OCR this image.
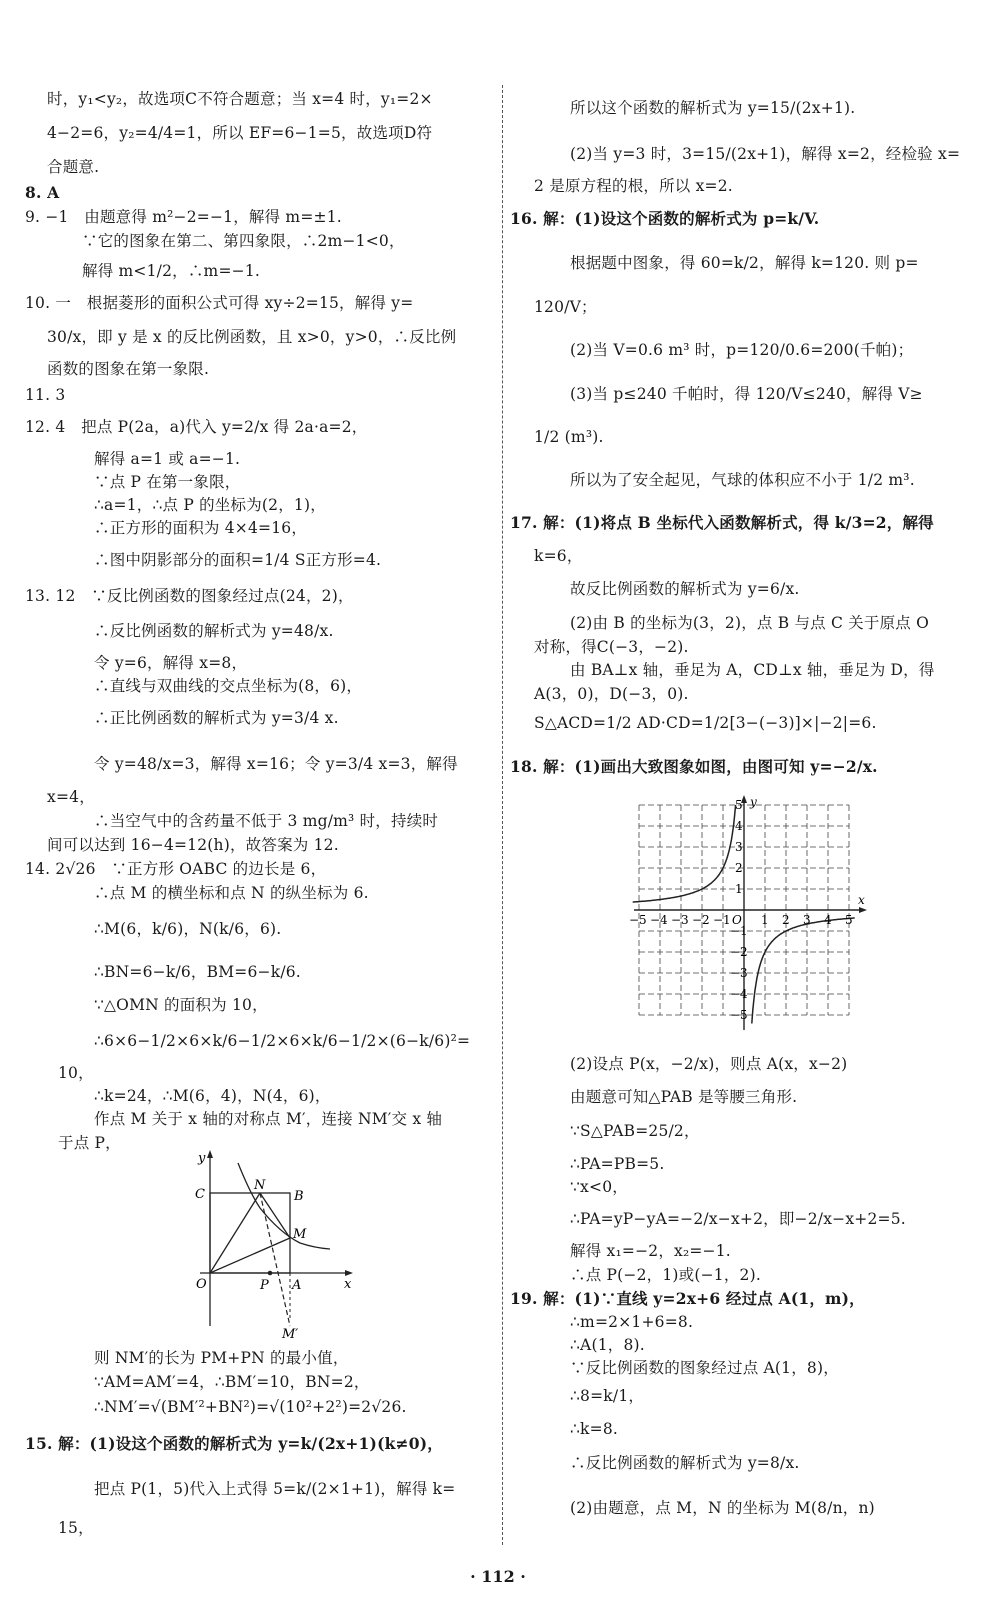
时，y₁<y₂，故选项C不符合题意；当 x=4 时，y₁=2×
4−2=6，y₂=4/4=1，所以 EF=6−1=5，故选项D符
合题意.
8. A
9. −1　由题意得 m²−2=−1，解得 m=±1.
∵它的图象在第二、第四象限，∴2m−1<0，
解得 m<1/2，∴m=−1.
10. 一　根据菱形的面积公式可得 xy÷2=15，解得 y=
30/x，即 y 是 x 的反比例函数，且 x>0，y>0，∴反比例
函数的图象在第一象限.
11. 3
12. 4　把点 P(2a，a)代入 y=2/x 得 2a·a=2，
解得 a=1 或 a=−1.
∵点 P 在第一象限，
∴a=1，∴点 P 的坐标为(2，1)，
∴正方形的面积为 4×4=16，
∴图中阴影部分的面积=1/4 S正方形=4.
13. 12　∵反比例函数的图象经过点(24，2)，
∴反比例函数的解析式为 y=48/x.
令 y=6，解得 x=8，
∴直线与双曲线的交点坐标为(8，6)，
∴正比例函数的解析式为 y=3/4 x.
令 y=48/x=3，解得 x=16；令 y=3/4 x=3，解得
x=4，
∴当空气中的含药量不低于 3 mg/m³ 时，持续时
间可以达到 16−4=12(h)，故答案为 12.
14. 2√26　∵正方形 OABC 的边长是 6，
∴点 M 的横坐标和点 N 的纵坐标为 6.
∴M(6，k/6)，N(k/6，6).
∴BN=6−k/6，BM=6−k/6.
∵△OMN 的面积为 10，
∴6×6−1/2×6×k/6−1/2×6×k/6−1/2×(6−k/6)²=
10，
∴k=24，∴M(6，4)，N(4，6)，
作点 M 关于 x 轴的对称点 M′，连接 NM′交 x 轴
于点 P，
则 NM′的长为 PM+PN 的最小值，
∵AM=AM′=4，∴BM′=10，BN=2，
∴NM′=√(BM′²+BN²)=√(10²+2²)=2√26.
15. 解：(1)设这个函数的解析式为 y=k/(2x+1)(k≠0)，
把点 P(1，5)代入上式得 5=k/(2×1+1)，解得 k=
15，
所以这个函数的解析式为 y=15/(2x+1).
(2)当 y=3 时，3=15/(2x+1)，解得 x=2，经检验 x=
2 是原方程的根，所以 x=2.
16. 解：(1)设这个函数的解析式为 p=k/V.
根据题中图象，得 60=k/2，解得 k=120. 则 p=
120/V；
(2)当 V=0.6 m³ 时，p=120/0.6=200(千帕)；
(3)当 p≤240 千帕时，得 120/V≤240，解得 V≥
1/2 (m³).
所以为了安全起见，气球的体积应不小于 1/2 m³.
17. 解：(1)将点 B 坐标代入函数解析式，得 k/3=2，解得
k=6，
故反比例函数的解析式为 y=6/x.
(2)由 B 的坐标为(3，2)，点 B 与点 C 关于原点 O
对称，得C(−3，−2).
由 BA⊥x 轴，垂足为 A，CD⊥x 轴，垂足为 D，得
A(3，0)，D(−3，0).
S△ACD=1/2 AD·CD=1/2[3−(−3)]×|−2|=6.
18. 解：(1)画出大致图象如图，由图可知 y=−2/x.
(2)设点 P(x，−2/x)，则点 A(x，x−2)
由题意可知△PAB 是等腰三角形.
∵S△PAB=25/2，
∴PA=PB=5.
∵x<0，
∴PA=yP−yA=−2/x−x+2，即−2/x−x+2=5.
解得 x₁=−2，x₂=−1.
∴点 P(−2，1)或(−1，2).
19. 解：(1)∵直线 y=2x+6 经过点 A(1，m)，
∴m=2×1+6=8.
∴A(1，8).
∵反比例函数的图象经过点 A(1，8)，
∴8=k/1，
∴k=8.
∴反比例函数的解析式为 y=8/x.
(2)由题意，点 M，N 的坐标为 M(8/n，n)
y
x
C
N
B
M
O	P A
M′
y
x
O
−5 −4 −3 −2 −1	1 2 3 4 5
5
4
3
2
1
−1
−2
−3
−4
−5
· 112 ·
